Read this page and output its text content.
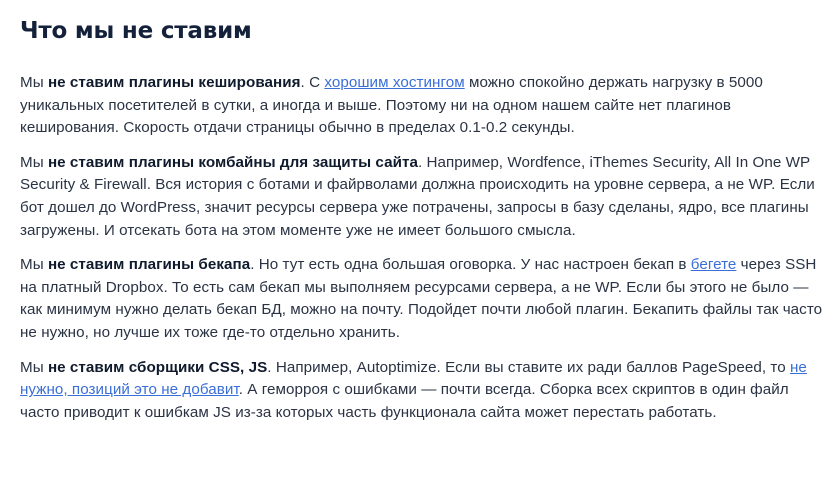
Что мы не ставим

Мы не ставим плагины кеширования. С хорошим хостингом можно спокойно держать нагрузку в 5000 уникальных посетителей в сутки, а иногда и выше. Поэтому ни на одном нашем сайте нет плагинов кеширования. Скорость отдачи страницы обычно в пределах 0.1-0.2 секунды.

Мы не ставим плагины комбайны для защиты сайта. Например, Wordfence, iThemes Security, All In One WP Security & Firewall. Вся история с ботами и файрволами должна происходить на уровне сервера, а не WP. Если бот дошел до WordPress, значит ресурсы сервера уже потрачены, запросы в базу сделаны, ядро, все плагины загружены. И отсекать бота на этом моменте уже не имеет большого смысла.

Мы не ставим плагины бекапа. Но тут есть одна большая оговорка. У нас настроен бекап в бегете через SSH на платный Dropbox. То есть сам бекап мы выполняем ресурсами сервера, а не WP. Если бы этого не было — как минимум нужно делать бекап БД, можно на почту. Подойдет почти любой плагин. Бекапить файлы так часто не нужно, но лучше их тоже где-то отдельно хранить.

Мы не ставим сборщики CSS, JS. Например, Autoptimize. Если вы ставите их ради баллов PageSpeed, то не нужно, позиций это не добавит. А геморроя с ошибками — почти всегда. Сборка всех скриптов в один файл часто приводит к ошибкам JS из-за которых часть функционала сайта может перестать работать.
